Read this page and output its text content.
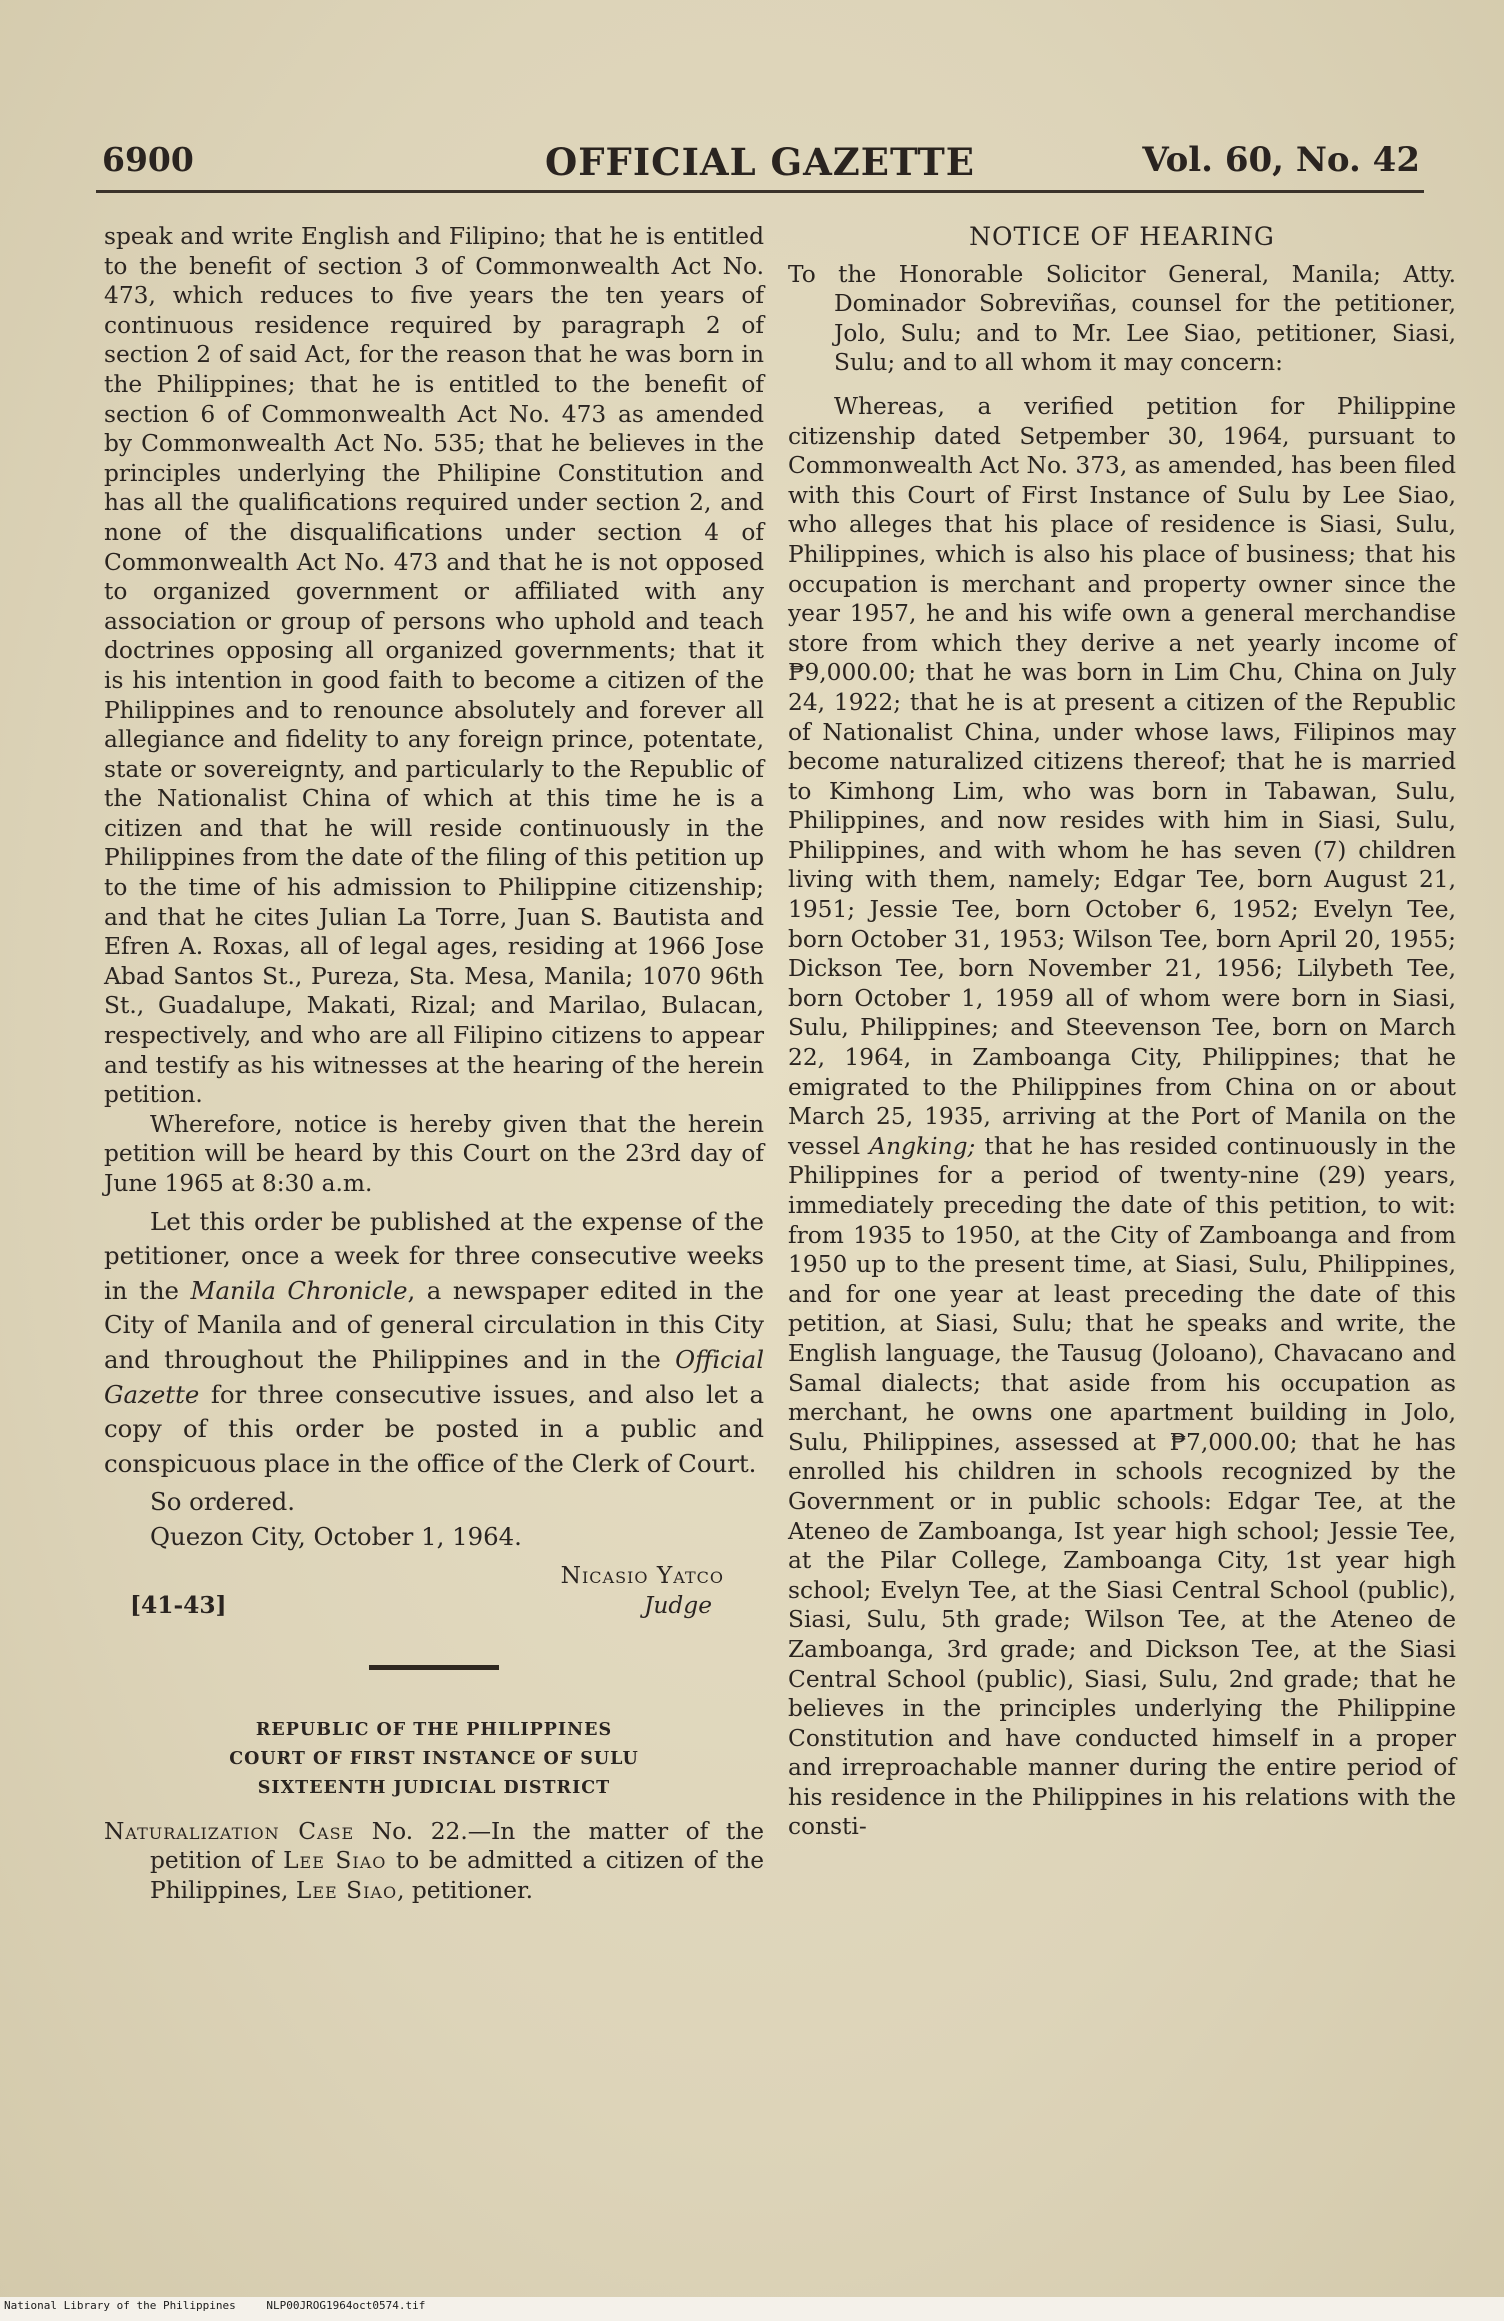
6900	OFFICIAL GAZETTE	Vol. 60, No. 42

speak and write English and Filipino; that he is entitled to the benefit of section 3 of Commonwealth Act No. 473, which reduces to five years the ten years of continuous residence required by paragraph 2 of section 2 of said Act, for the reason that he was born in the Philippines; that he is entitled to the benefit of section 6 of Commonwealth Act No. 473 as amended by Commonwealth Act No. 535; that he believes in the principles underlying the Philipine Constitution and has all the qualifications required under section 2, and none of the disqualifications under section 4 of Commonwealth Act No. 473 and that he is not opposed to organized government or affiliated with any association or group of persons who uphold and teach doctrines opposing all organized governments; that it is his intention in good faith to become a citizen of the Philippines and to renounce absolutely and forever all allegiance and fidelity to any foreign prince, potentate, state or sovereignty, and particularly to the Republic of the Nationalist China of which at this time he is a citizen and that he will reside continuously in the Philippines from the date of the filing of this petition up to the time of his admission to Philippine citizenship; and that he cites Julian La Torre, Juan S. Bautista and Efren A. Roxas, all of legal ages, residing at 1966 Jose Abad Santos St., Pureza, Sta. Mesa, Manila; 1070 96th St., Guadalupe, Makati, Rizal; and Marilao, Bulacan, respectively, and who are all Filipino citizens to appear and testify as his witnesses at the hearing of the herein petition.

Wherefore, notice is hereby given that the herein petition will be heard by this Court on the 23rd day of June 1965 at 8:30 a.m.

Let this order be published at the expense of the petitioner, once a week for three consecutive weeks in the Manila Chronicle, a newspaper edited in the City of Manila and of general circulation in this City and throughout the Philippines and in the Official Gazette for three consecutive issues, and also let a copy of this order be posted in a public and conspicuous place in the office of the Clerk of Court.

So ordered.

Quezon City, October 1, 1964.

[41-43]
Nicasio Yatco
Judge
REPUBLIC OF THE PHILIPPINES
COURT OF FIRST INSTANCE OF SULU
SIXTEENTH JUDICIAL DISTRICT

Naturalization Case No. 22.—In the matter of the petition of Lee Siao to be admitted a citizen of the Philippines, Lee Siao, petitioner.

NOTICE OF HEARING

To the Honorable Solicitor General, Manila; Atty. Dominador Sobreviñas, counsel for the petitioner, Jolo, Sulu; and to Mr. Lee Siao, petitioner, Siasi, Sulu; and to all whom it may concern:

Whereas, a verified petition for Philippine citizenship dated Setpember 30, 1964, pursuant to Commonwealth Act No. 373, as amended, has been filed with this Court of First Instance of Sulu by Lee Siao, who alleges that his place of residence is Siasi, Sulu, Philippines, which is also his place of business; that his occupation is merchant and property owner since the year 1957, he and his wife own a general merchandise store from which they derive a net yearly income of ₱9,000.00; that he was born in Lim Chu, China on July 24, 1922; that he is at present a citizen of the Republic of Nationalist China, under whose laws, Filipinos may become naturalized citizens thereof; that he is married to Kimhong Lim, who was born in Tabawan, Sulu, Philippines, and now resides with him in Siasi, Sulu, Philippines, and with whom he has seven (7) children living with them, namely; Edgar Tee, born August 21, 1951; Jessie Tee, born October 6, 1952; Evelyn Tee, born October 31, 1953; Wilson Tee, born April 20, 1955; Dickson Tee, born November 21, 1956; Lilybeth Tee, born October 1, 1959 all of whom were born in Siasi, Sulu, Philippines; and Steevenson Tee, born on March 22, 1964, in Zamboanga City, Philippines; that he emigrated to the Philippines from China on or about March 25, 1935, arriving at the Port of Manila on the vessel Angking; that he has resided continuously in the Philippines for a period of twenty-nine (29) years, immediately preceding the date of this petition, to wit: from 1935 to 1950, at the City of Zamboanga and from 1950 up to the present time, at Siasi, Sulu, Philippines, and for one year at least preceding the date of this petition, at Siasi, Sulu; that he speaks and write, the English language, the Tausug (Joloano), Chavacano and Samal dialects; that aside from his occupation as merchant, he owns one apartment building in Jolo, Sulu, Philippines, assessed at ₱7,000.00; that he has enrolled his children in schools recognized by the Government or in public schools: Edgar Tee, at the Ateneo de Zamboanga, Ist year high school; Jessie Tee, at the Pilar College, Zamboanga City, 1st year high school; Evelyn Tee, at the Siasi Central School (public), Siasi, Sulu, 5th grade; Wilson Tee, at the Ateneo de Zamboanga, 3rd grade; and Dickson Tee, at the Siasi Central School (public), Siasi, Sulu, 2nd grade; that he believes in the principles underlying the Philippine Constitution and have conducted himself in a proper and irreproachable manner during the entire period of his residence in the Philippines in his relations with the consti-

National Library of the Philippines	NLP00JROG1964oct0574.tif
